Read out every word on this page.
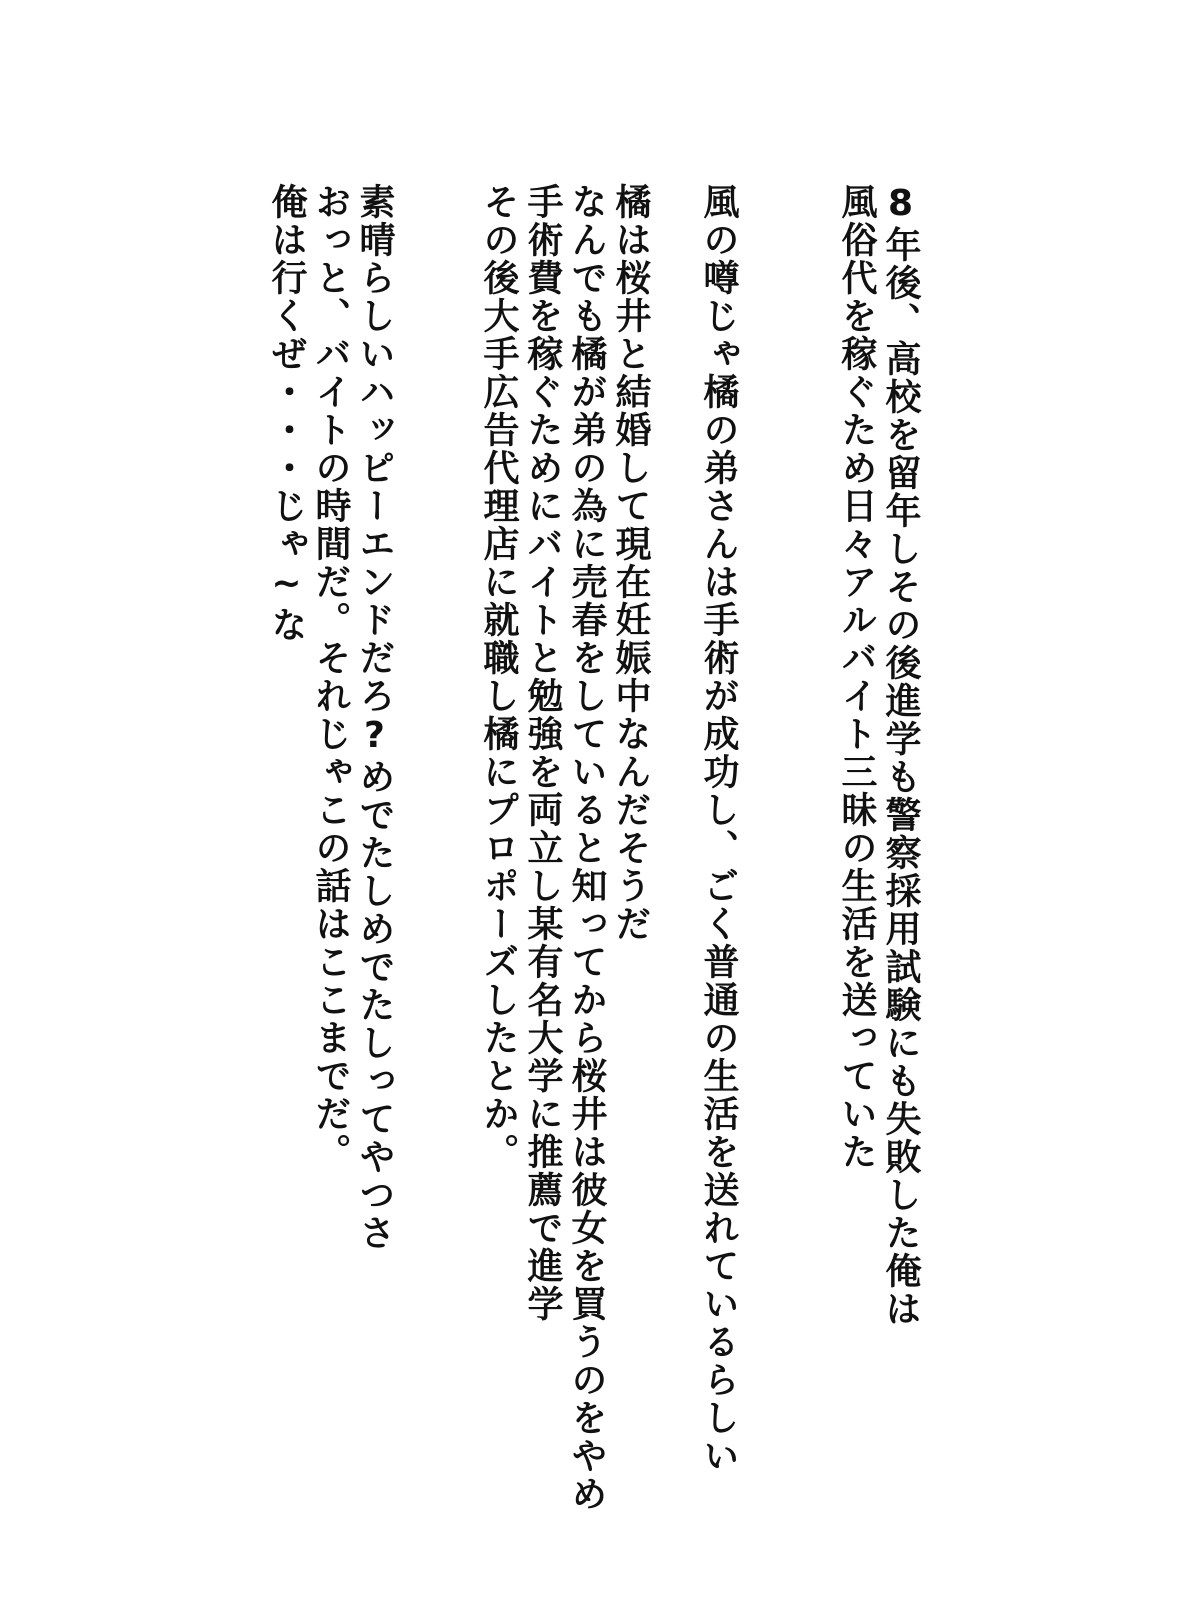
8年後、高校を留年しその後進学も警察採用試験にも失敗した俺は
風俗代を稼ぐため日々アルバイト三昧の生活を送っていた
風の噂じゃ橘の弟さんは手術が成功し、ごく普通の生活を送れているらしい
橘は桜井と結婚して現在妊娠中なんだそうだ
なんでも橘が弟の為に売春をしていると知ってから桜井は彼女を買うのをやめ
手術費を稼ぐためにバイトと勉強を両立し某有名大学に推薦で進学
その後大手広告代理店に就職し橘にプロポーズしたとか。
素晴らしいハッピーエンドだろ?めでたしめでたしってやつさ
おっと、バイトの時間だ。それじゃこの話はここまでだ。
俺は行くぜ・・・じゃ~な
